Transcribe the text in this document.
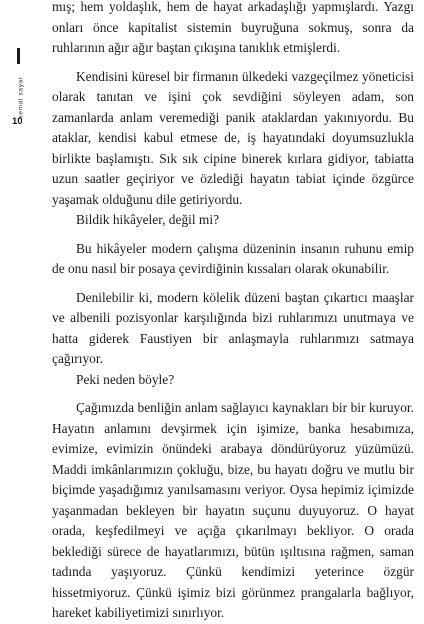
kemal sayar
10

mış; hem yoldaşlık, hem de hayat arkadaşlığı yapmışlardı. Yazgı onları önce kapitalist sistemin buyruğuna sokmuş, sonra da ruhlarının ağır ağır baştan çıkışına tanıklık etmişlerdi.

Kendisini küresel bir firmanın ülkedeki vazgeçilmez yöneticisi olarak tanıtan ve işini çok sevdiğini söyleyen adam, son zamanlarda anlam veremediği panik ataklardan yakınıyordu. Bu ataklar, kendisi kabul etmese de, iş hayatındaki doyumsuzlukla birlikte başlamıştı. Sık sık cipine binerek kırlara gidiyor, tabiatta uzun saatler geçiriyor ve özlediği hayatın tabiat içinde özgürce yaşamak olduğunu dile getiriyordu.

Bildik hikâyeler, değil mi?

Bu hikâyeler modern çalışma düzeninin insanın ruhunu emip de onu nasıl bir posaya çevirdiğinin kıssaları olarak okunabilir.

Denilebilir ki, modern kölelik düzeni baştan çıkartıcı maaşlar ve albenili pozisyonlar karşılığında bizi ruhlarımızı unutmaya ve hatta giderek Faustiyen bir anlaşmayla ruhlarımızı satmaya çağırıyor.

Peki neden böyle?

Çağımızda benliğin anlam sağlayıcı kaynakları bir bir kuruyor. Hayatın anlamını devşirmek için işimize, banka hesabımıza, evimize, evimizin önündeki arabaya döndürüyoruz yüzümüzü. Maddi imkânlarımızın çokluğu, bize, bu hayatı doğru ve mutlu bir biçimde yaşadığımız yanılsamasını veriyor. Oysa hepimiz içimizde yaşanmadan bekleyen bir hayatın suçunu duyuyoruz. O hayat orada, keşfedilmeyi ve açığa çıkarılmayı bekliyor. O orada beklediği sürece de hayatlarımızı, bütün ışıltısına rağmen, saman tadında yaşıyoruz. Çünkü kendimizi yeterince özgür hissetmiyoruz. Çünkü işimiz bizi görünmez prangalarla bağlıyor, hareket kabiliyetimizi sınırlıyor.
